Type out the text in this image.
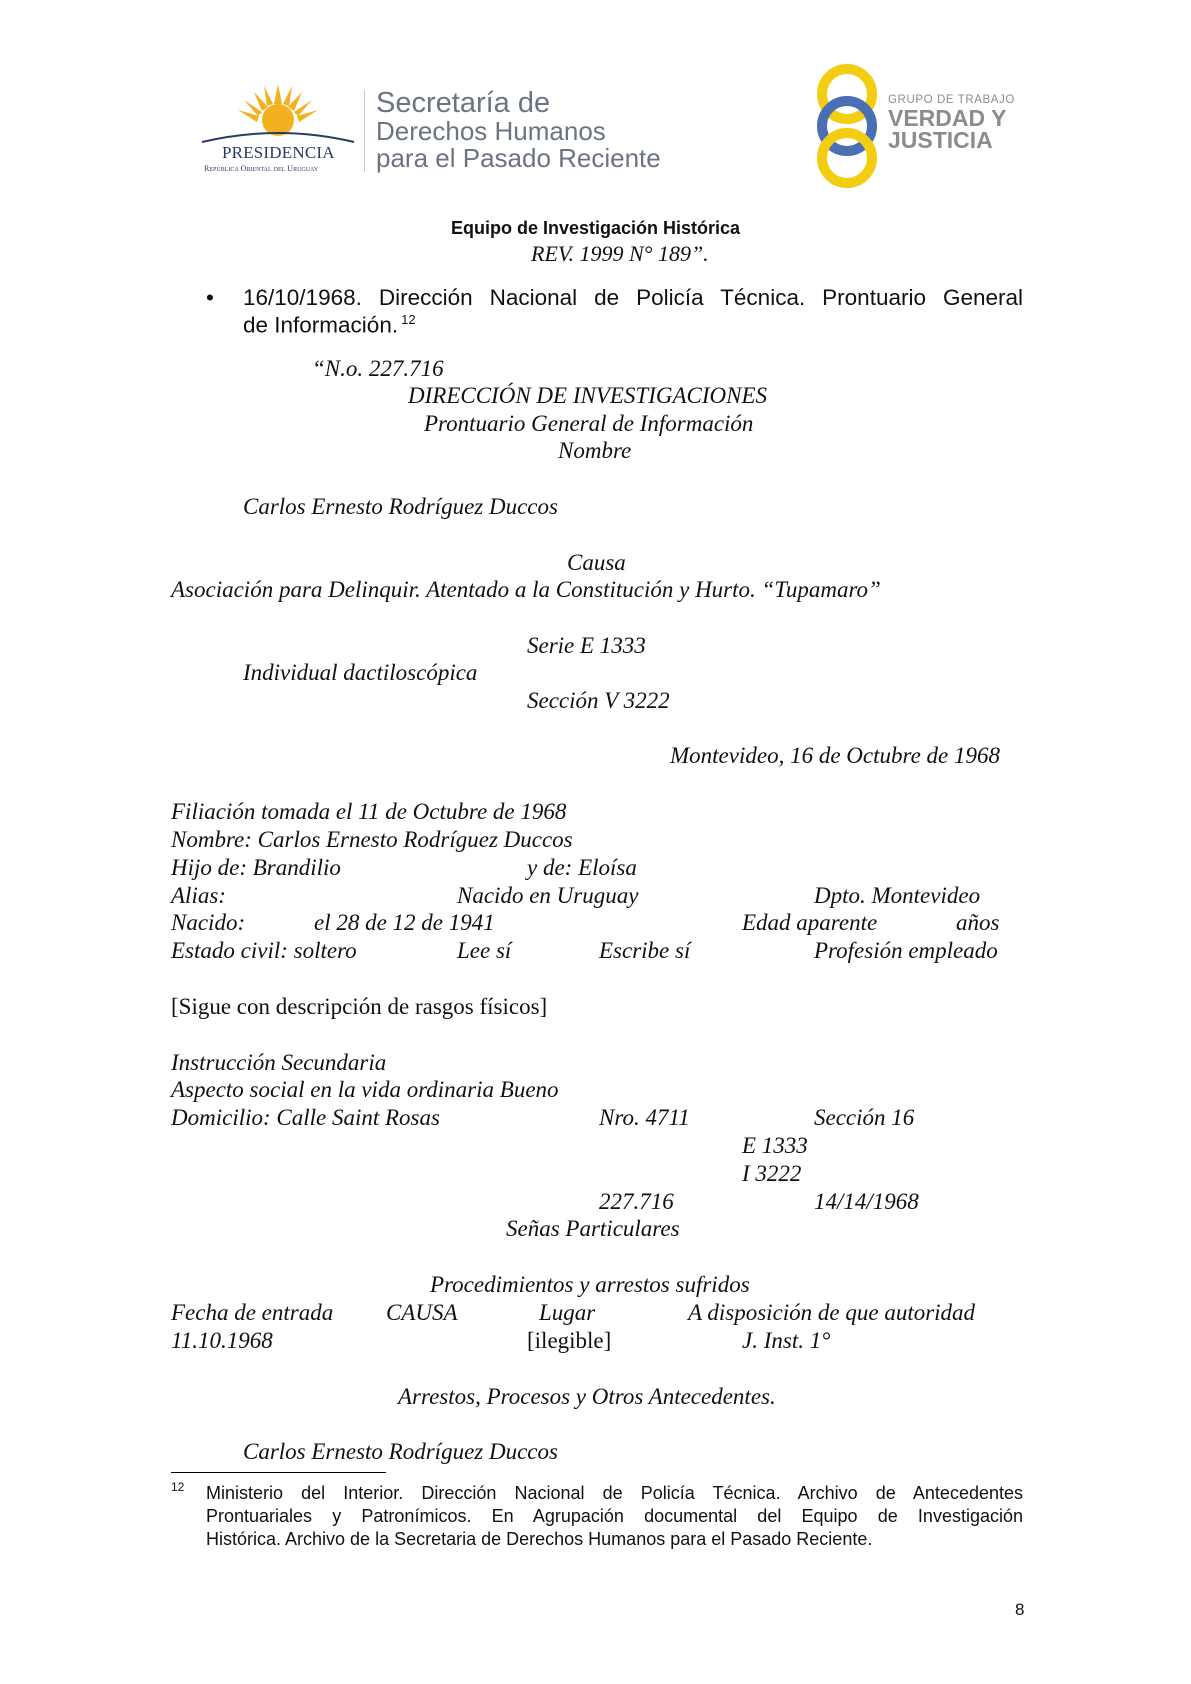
PRESIDENCIA
República Oriental del Uruguay
Secretaría de
Derechos Humanos
para el Pasado Reciente
GRUPO DE TRABAJO
VERDAD Y
JUSTICIA
Equipo de Investigación Histórica
REV. 1999 N° 189”.
• 16/10/1968. Dirección Nacional de Policía Técnica. Prontuario General
de Información. $^{12}$
“N.o. 227.716
DIRECCIÓN DE INVESTIGACIONES
Prontuario General de Información
Nombre
Carlos Ernesto Rodríguez Duccos
Causa
Asociación para Delinquir. Atentado a la Constitución y Hurto. “Tupamaro”
Serie E 1333
Individual dactiloscópica
Sección V 3222
Montevideo, 16 de Octubre de 1968
Filiación tomada el 11 de Octubre de 1968
Nombre: Carlos Ernesto Rodríguez Duccos
Hijo de: Brandilio	y de: Eloísa
Alias:	Nacido en Uruguay	Dpto. Montevideo
Nacido:	el 28 de 12 de 1941	Edad aparente	años
Estado civil: soltero	Lee sí	Escribe sí	Profesión empleado
[Sigue con descripción de rasgos físicos]
Instrucción Secundaria
Aspecto social en la vida ordinaria Bueno
Domicilio: Calle Saint Rosas	Nro. 4711	Sección 16
E 1333
I 3222
227.716	14/14/1968
Señas Particulares
Procedimientos y arrestos sufridos
Fecha de entrada CAUSA	Lugar	A disposición de que autoridad
11.10.1968	[ilegible]	J. Inst. 1°
Arrestos, Procesos y Otros Antecedentes.
Carlos Ernesto Rodríguez Duccos
12 Ministerio del Interior. Dirección Nacional de Policía Técnica. Archivo de Antecedentes
Prontuariales y Patronímicos. En Agrupación documental del Equipo de Investigación
Histórica. Archivo de la Secretaria de Derechos Humanos para el Pasado Reciente.
8
